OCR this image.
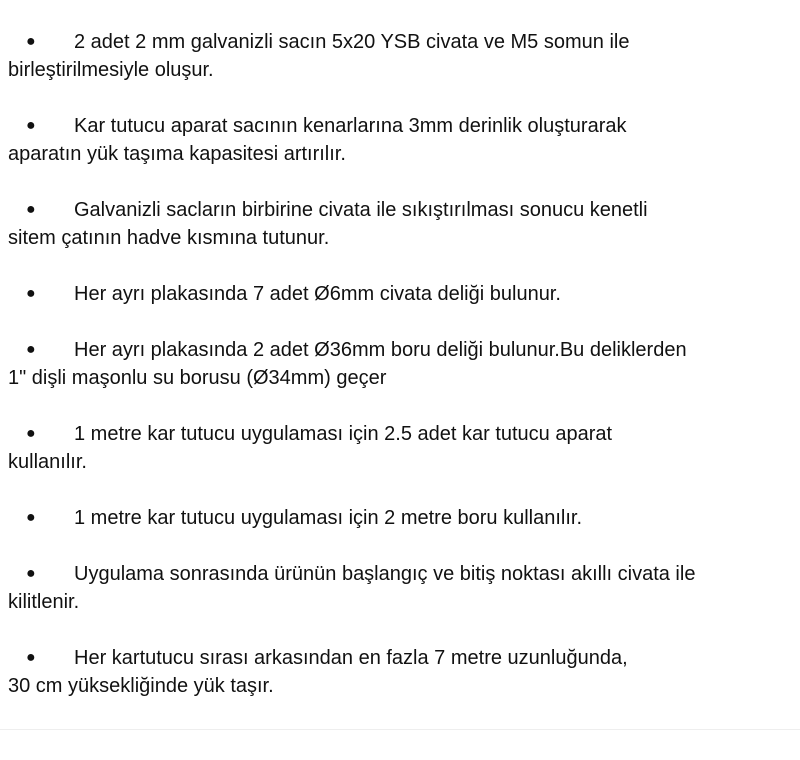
● 2 adet 2 mm galvanizli sacın 5x20 YSB civata ve M5 somun ile
birleştirilmesiyle oluşur.
● Kar tutucu aparat sacının kenarlarına 3mm derinlik oluşturarak
aparatın yük taşıma kapasitesi artırılır.
● Galvanizli sacların birbirine civata ile sıkıştırılması sonucu kenetli
sitem çatının hadve kısmına tutunur.
● Her ayrı plakasında 7 adet Ø6mm civata deliği bulunur.
● Her ayrı plakasında 2 adet Ø36mm boru deliği bulunur.Bu deliklerden
1" dişli maşonlu su borusu (Ø34mm) geçer
● 1 metre kar tutucu uygulaması için 2.5 adet kar tutucu aparat
kullanılır.
● 1 metre kar tutucu uygulaması için 2 metre boru kullanılır.
● Uygulama sonrasında ürünün başlangıç ve bitiş noktası akıllı civata ile
kilitlenir.
● Her kartutucu sırası arkasından en fazla 7 metre uzunluğunda,
30 cm yüksekliğinde yük taşır.
